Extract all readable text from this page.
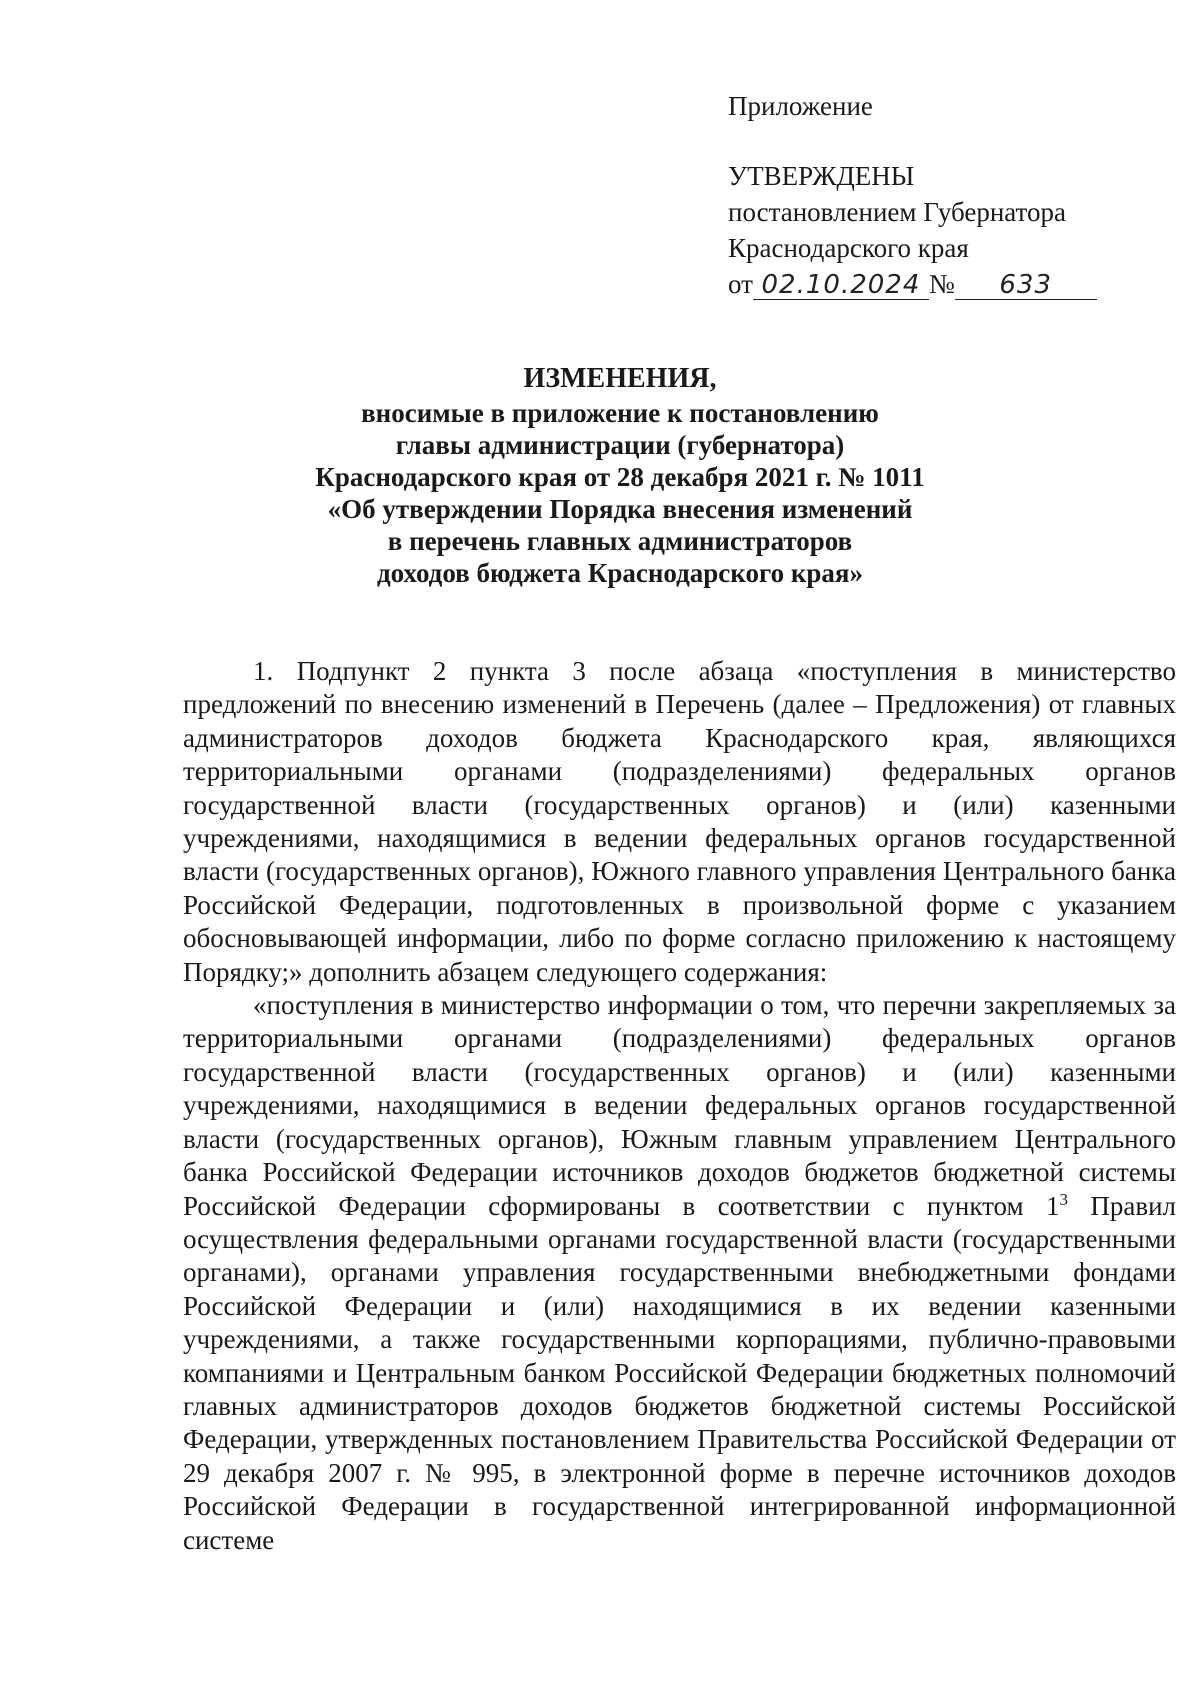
Приложение
УТВЕРЖДЕНЫ
постановлением Губернатора
Краснодарского края
от 02.10.2024 № 633
ИЗМЕНЕНИЯ,
вносимые в приложение к постановлению
главы администрации (губернатора)
Краснодарского края от 28 декабря 2021 г. № 1011
«Об утверждении Порядка внесения изменений
в перечень главных администраторов
доходов бюджета Краснодарского края»

1. Подпункт 2 пункта 3 после абзаца «поступления в министерство предложений по внесению изменений в Перечень (далее – Предложения) от главных администраторов доходов бюджета Краснодарского края, являющихся территориальными органами (подразделениями) федеральных органов государственной власти (государственных органов) и (или) казенными учреждениями, находящимися в ведении федеральных органов государственной власти (государственных органов), Южного главного управления Центрального банка Российской Федерации, подготовленных в произвольной форме с указанием обосновывающей информации, либо по форме согласно приложению к настоящему Порядку;» дополнить абзацем следующего содержания:

«поступления в министерство информации о том, что перечни закрепляемых за территориальными органами (подразделениями) федеральных органов государственной власти (государственных органов) и (или) казенными учреждениями, находящимися в ведении федеральных органов государственной власти (государственных органов), Южным главным управлением Центрального банка Российской Федерации источников доходов бюджетов бюджетной системы Российской Федерации сформированы в соответствии с пунктом $1^3$ Правил осуществления федеральными органами государственной власти (государственными органами), органами управления государственными внебюджетными фондами Российской Федерации и (или) находящимися в их ведении казенными учреждениями, а также государственными корпорациями, публично-правовыми компаниями и Центральным банком Российской Федерации бюджетных полномочий главных администраторов доходов бюджетов бюджетной системы Российской Федерации, утвержденных постановлением Правительства Российской Федерации от 29 декабря 2007 г. № 995, в электронной форме в перечне источников доходов Российской Федерации в государственной интегрированной информационной системе
